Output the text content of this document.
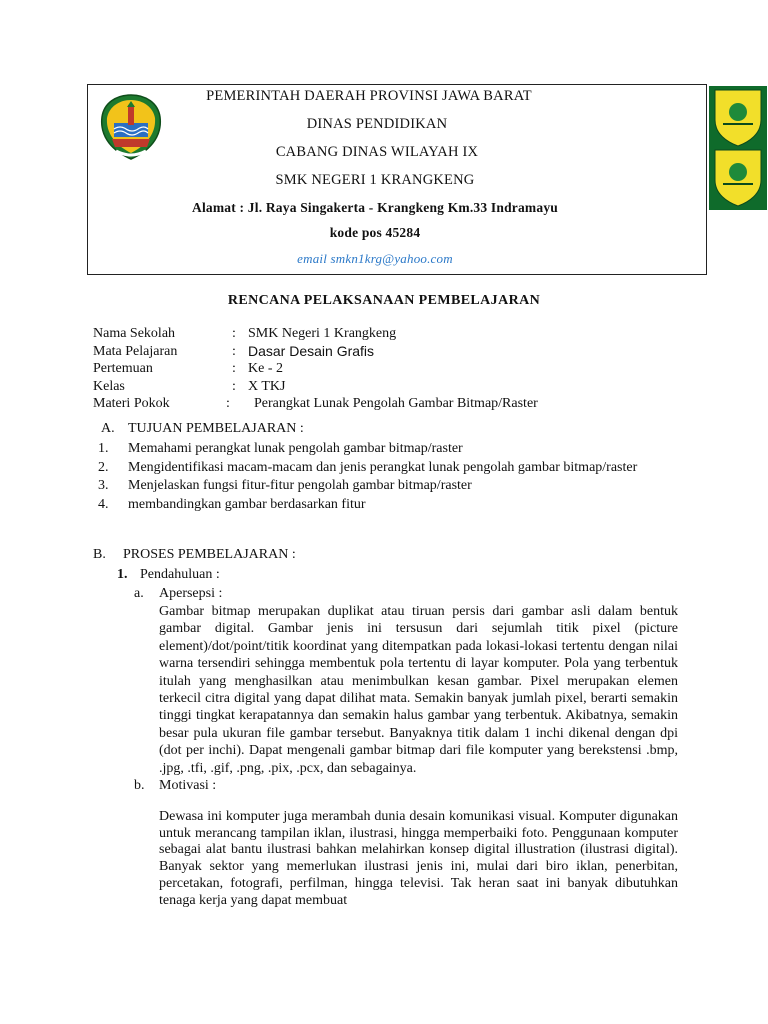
PEMERINTAH DAERAH PROVINSI JAWA BARAT
DINAS PENDIDIKAN
CABANG DINAS WILAYAH IX
SMK NEGERI 1 KRANGKENG
Alamat : Jl. Raya Singakerta - Krangkeng Km.33 Indramayu
kode pos 45284
email smkn1krg@yahoo.com
RENCANA PELAKSANAAN PEMBELAJARAN
Nama Sekolah	: SMK Negeri 1 Krangkeng
Mata Pelajaran	: Dasar Desain Grafis
Pertemuan	: Ke - 2
Kelas	: X TKJ
Materi Pokok	: Perangkat Lunak Pengolah Gambar Bitmap/Raster
A. TUJUAN PEMBELAJARAN :
1. Memahami perangkat lunak pengolah gambar bitmap/raster
2. Mengidentifikasi macam-macam dan jenis perangkat lunak pengolah gambar bitmap/raster
3. Menjelaskan fungsi fitur-fitur pengolah gambar bitmap/raster
4. membandingkan gambar berdasarkan fitur
B. PROSES PEMBELAJARAN :
1. Pendahuluan :
a. Apersepsi :
Gambar bitmap merupakan duplikat atau tiruan persis dari gambar asli dalam bentuk gambar digital. Gambar jenis ini tersusun dari sejumlah titik pixel (picture element)/dot/point/titik koordinat yang ditempatkan pada lokasi-lokasi tertentu dengan nilai warna tersendiri sehingga membentuk pola tertentu di layar komputer. Pola yang terbentuk itulah yang menghasilkan atau menimbulkan kesan gambar. Pixel merupakan elemen terkecil citra digital yang dapat dilihat mata. Semakin banyak jumlah pixel, berarti semakin tinggi tingkat kerapatannya dan semakin halus gambar yang terbentuk. Akibatnya, semakin besar pula ukuran file gambar tersebut. Banyaknya titik dalam 1 inchi dikenal dengan dpi (dot per inchi). Dapat mengenali gambar bitmap dari file komputer yang berekstensi .bmp, .jpg, .tfi, .gif, .png, .pix, .pcx, dan sebagainya.
b. Motivasi :
Dewasa ini komputer juga merambah dunia desain komunikasi visual. Komputer digunakan untuk merancang tampilan iklan, ilustrasi, hingga memperbaiki foto. Penggunaan komputer sebagai alat bantu ilustrasi bahkan melahirkan konsep digital illustration (ilustrasi digital). Banyak sektor yang memerlukan ilustrasi jenis ini, mulai dari biro iklan, penerbitan, percetakan, fotografi, perfilman, hingga televisi. Tak heran saat ini banyak dibutuhkan tenaga kerja yang dapat membuat
